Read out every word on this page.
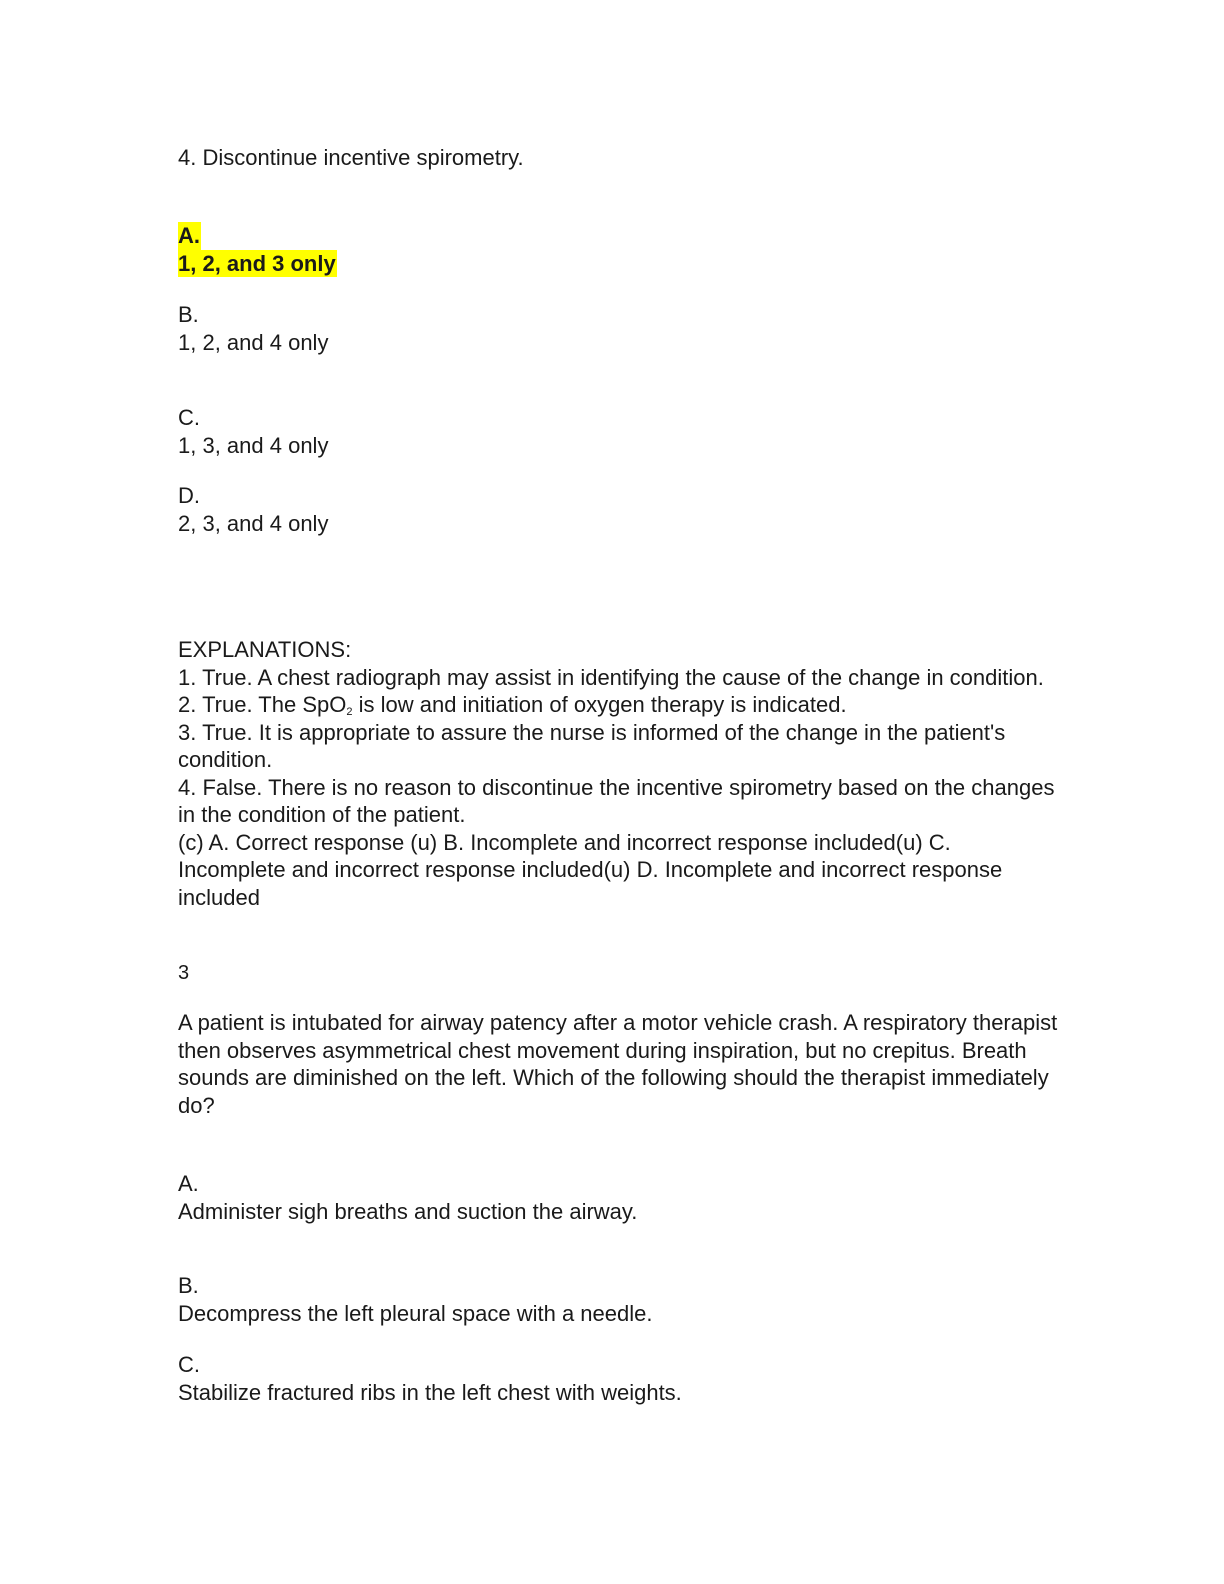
4. Discontinue incentive spirometry.
A.
1, 2, and 3 only
B.
1, 2, and 4 only
C.
1, 3, and 4 only
D.
2, 3, and 4 only
EXPLANATIONS:
1. True. A chest radiograph may assist in identifying the cause of the change in condition.
2. True. The SpO$_2$ is low and initiation of oxygen therapy is indicated.
3. True. It is appropriate to assure the nurse is informed of the change in the patient's condition.
4. False. There is no reason to discontinue the incentive spirometry based on the changes in the condition of the patient.
(c) A. Correct response (u) B. Incomplete and incorrect response included(u) C. Incomplete and incorrect response included(u) D. Incomplete and incorrect response included
3
A patient is intubated for airway patency after a motor vehicle crash. A respiratory therapist then observes asymmetrical chest movement during inspiration, but no crepitus. Breath sounds are diminished on the left. Which of the following should the therapist immediately do?
A.
Administer sigh breaths and suction the airway.
B.
Decompress the left pleural space with a needle.
C.
Stabilize fractured ribs in the left chest with weights.
